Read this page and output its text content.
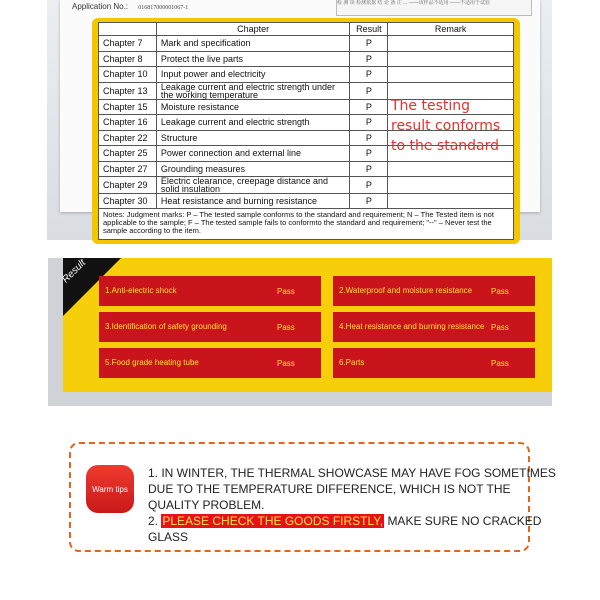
Application No.: 016817000001067-1
检 测 项 检测依据 结 论 备 注 ... ——该样品不适用 ——不适用于试验
	Chapter	Result	Remark
Chapter 7	Mark and specification	P	
Chapter 8	Protect the live parts	P	
Chapter 10	Input power and electricity	P	
Chapter 13	Leakage current and electric strength under the working temperature	P	
Chapter 15	Moisture resistance	P	
Chapter 16	Leakage current and electric strength	P	
Chapter 22	Structure	P	
Chapter 25	Power connection and external line	P	
Chapter 27	Grounding measures	P	
Chapter 29	Electric clearance, creepage distance and solid insulation	P	
Chapter 30	Heat resistance and burning resistance	P	
The testing result conforms to the standard
Notes: Judgment marks: P – The tested sample conforms to the standard and requirement; N – The Tested item is not applicable to the sample; F – The tested sample fails to conformto the standard and requirement; "--" – Never test the sample according to the item.
Result
1.Anti-electric shock	Pass	2.Waterproof and moisture resistance	Pass
3.Identification of safety grounding	Pass	4.Heat resistance and burning resistance Pass
5.Food grade heating tube	Pass	6.Parts	Pass
Warm tips
1. IN WINTER, THE THERMAL SHOWCASE MAY HAVE FOG SOMETIMES DUE TO THE TEMPERATURE DIFFERENCE, WHICH IS NOT THE QUALITY PROBLEM.
2. PLEASE CHECK THE GOODS FIRSTLY, MAKE SURE NO CRACKED GLASS
